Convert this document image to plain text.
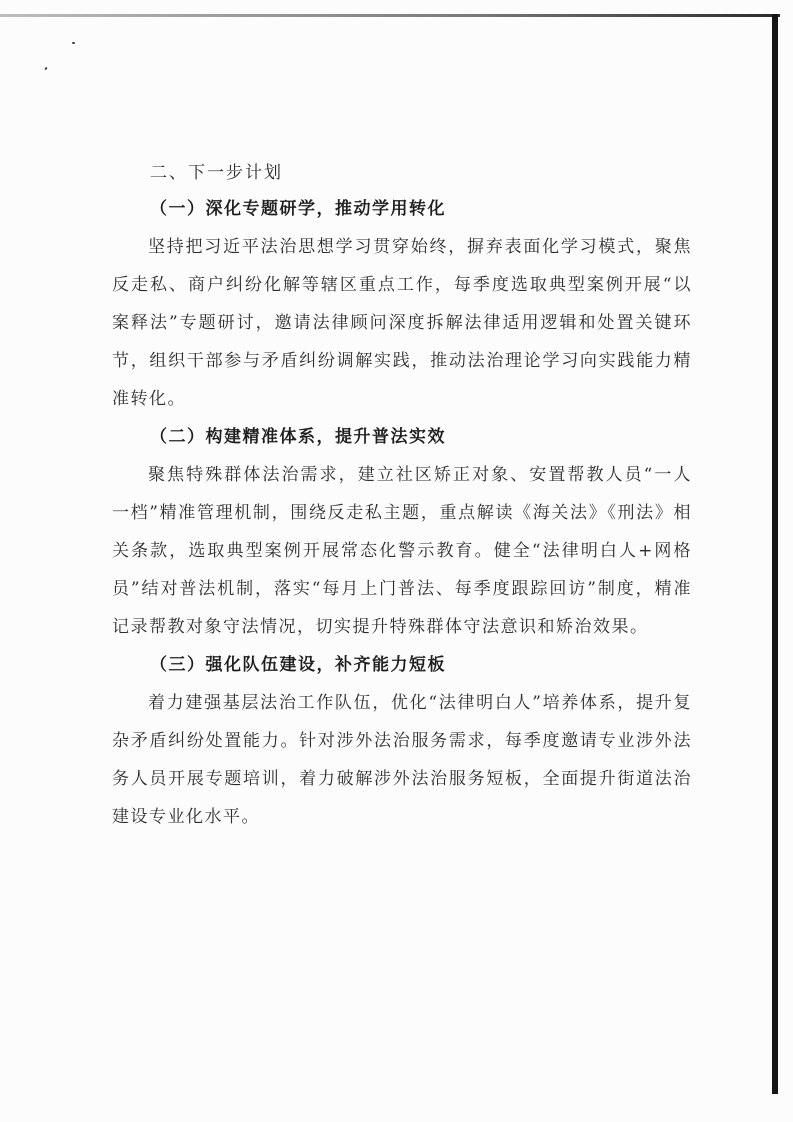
二、下一步计划
（一）深化专题研学，推动学用转化

坚持把习近平法治思想学习贯穿始终，摒弃表面化学习模式，聚焦反走私、商户纠纷化解等辖区重点工作，每季度选取典型案例开展“以案释法”专题研讨，邀请法律顾问深度拆解法律适用逻辑和处置关键环节，组织干部参与矛盾纠纷调解实践，推动法治理论学习向实践能力精准转化。

（二）构建精准体系，提升普法实效

聚焦特殊群体法治需求，建立社区矫正对象、安置帮教人员“一人一档”精准管理机制，围绕反走私主题，重点解读《海关法》《刑法》相关条款，选取典型案例开展常态化警示教育。健全“法律明白人+网格员”结对普法机制，落实“每月上门普法、每季度跟踪回访”制度，精准记录帮教对象守法情况，切实提升特殊群体守法意识和矫治效果。

（三）强化队伍建设，补齐能力短板

着力建强基层法治工作队伍，优化“法律明白人”培养体系，提升复杂矛盾纠纷处置能力。针对涉外法治服务需求，每季度邀请专业涉外法务人员开展专题培训，着力破解涉外法治服务短板，全面提升街道法治建设专业化水平。
